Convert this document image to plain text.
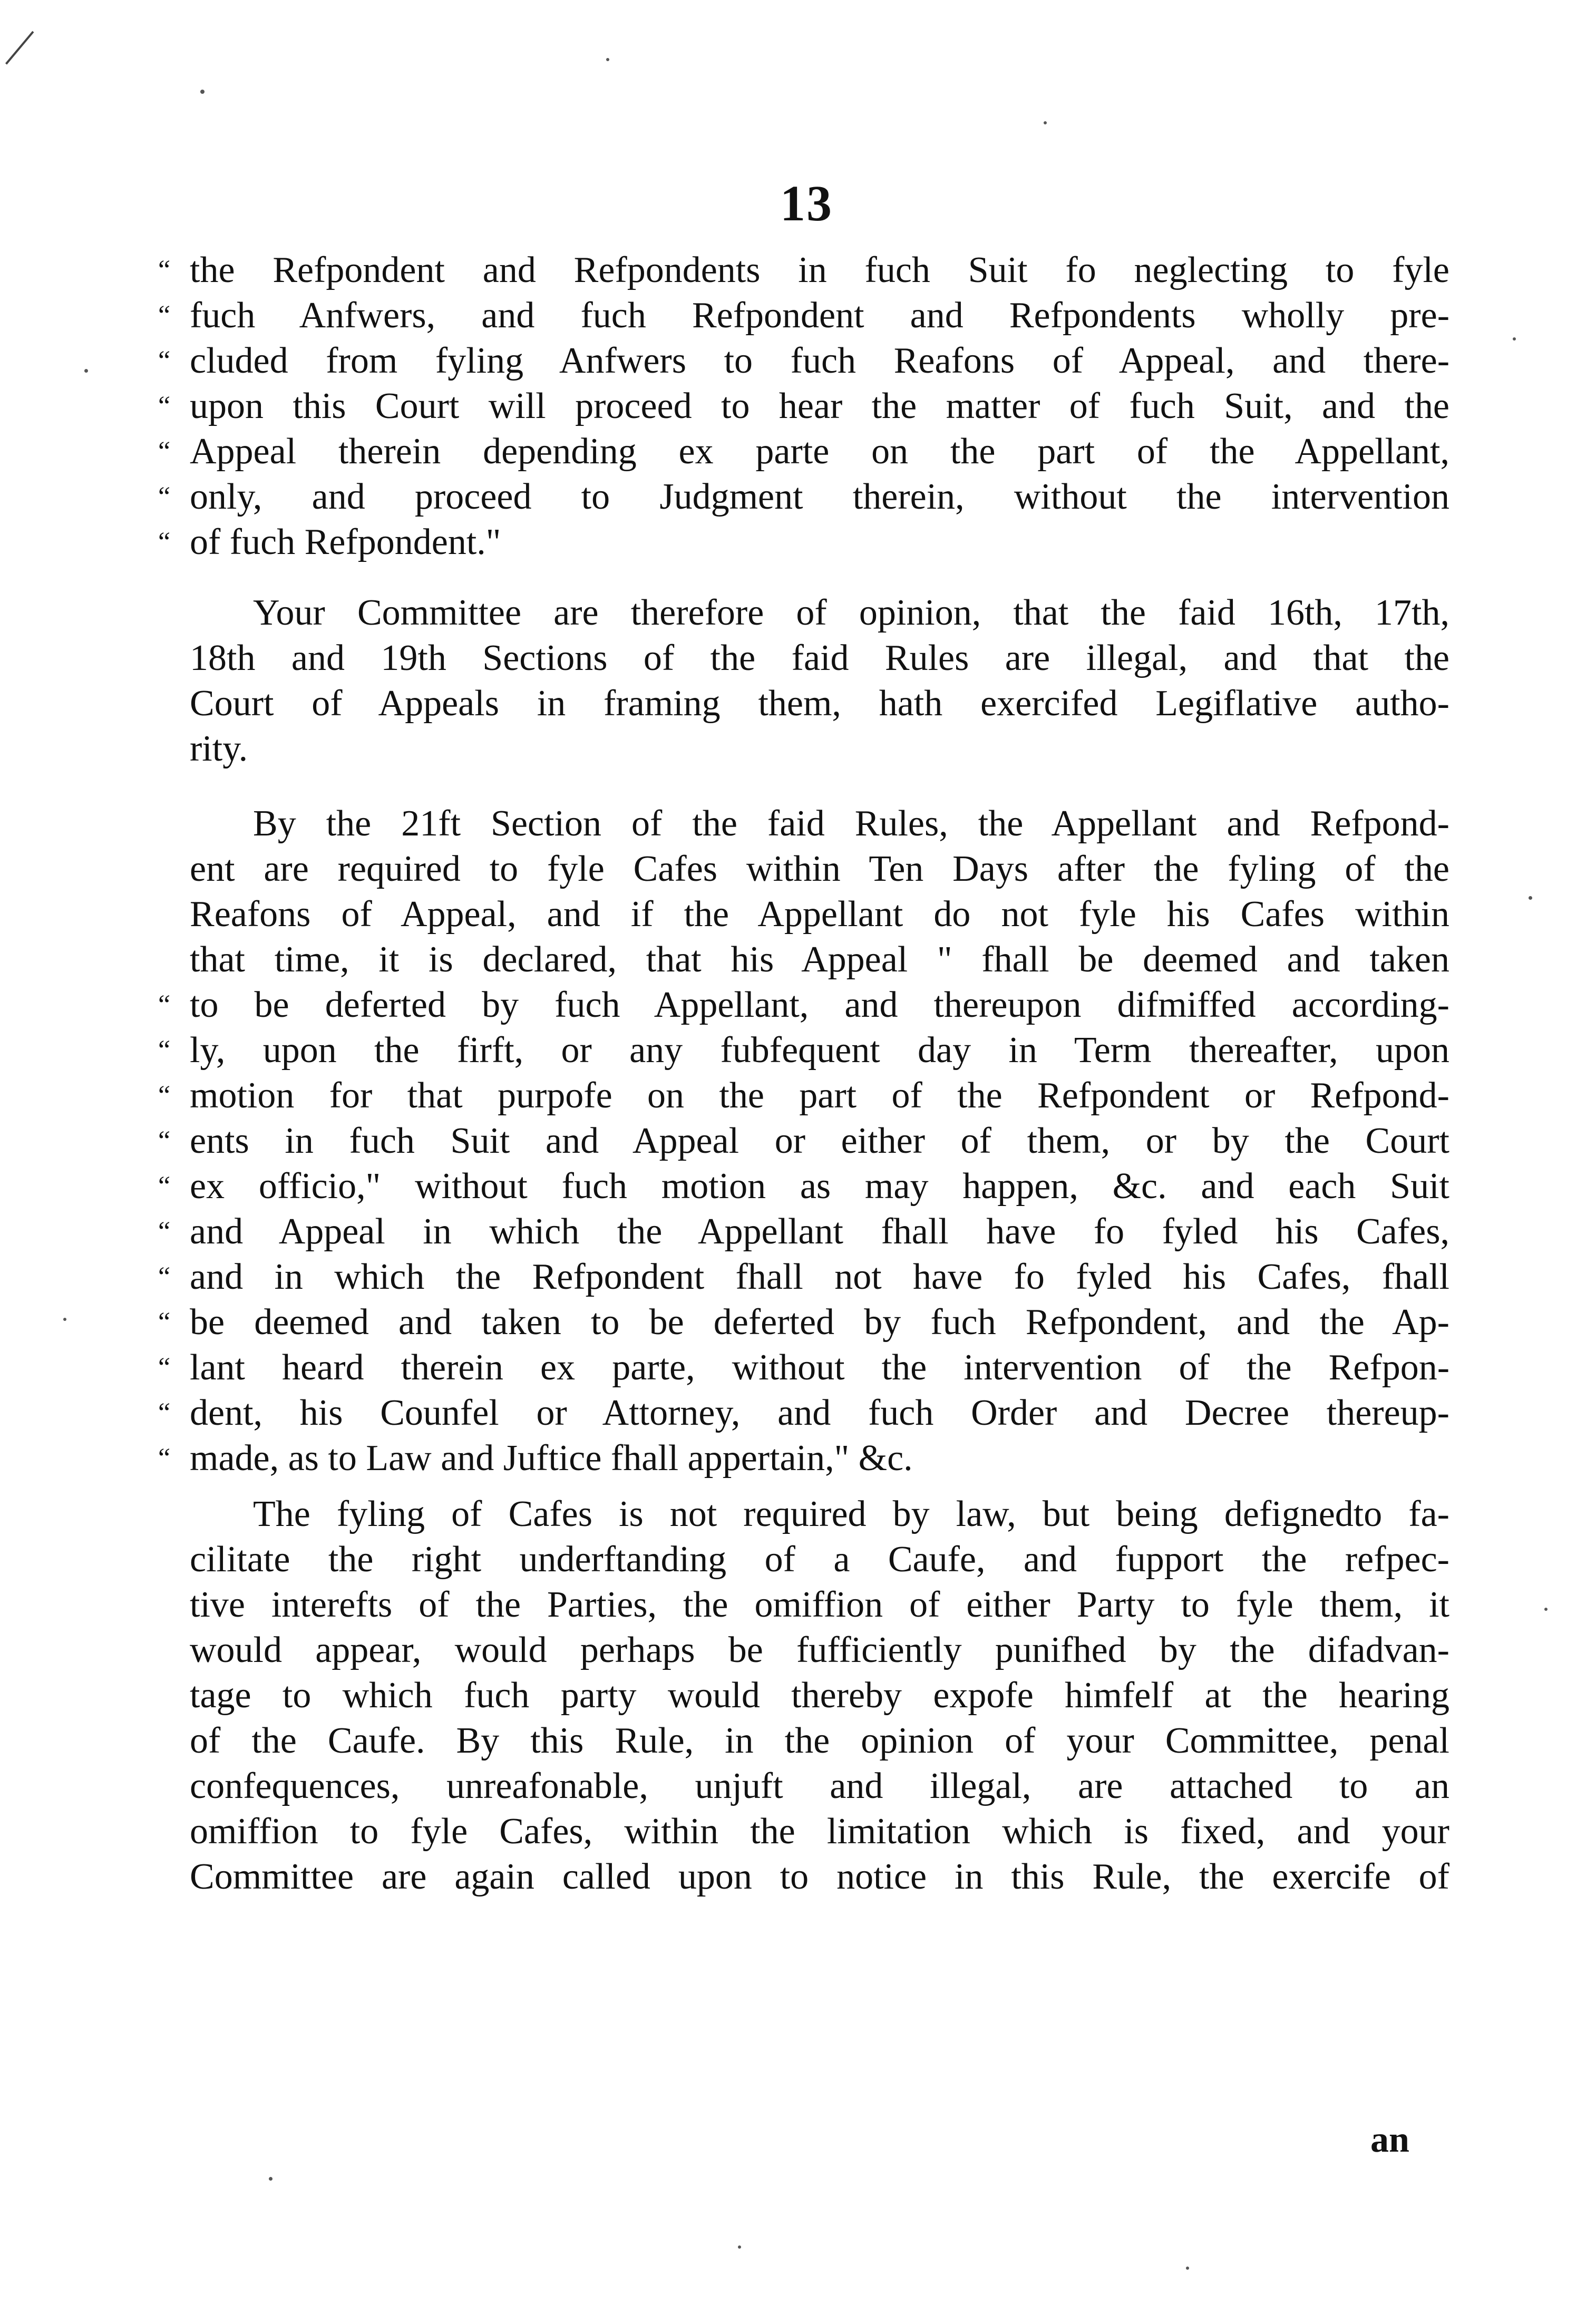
13
“ the Refpondent and Refpondents in fuch Suit fo neglecting to fyle
“ fuch Anfwers, and fuch Refpondent and Refpondents wholly pre-
“ cluded from fyling Anfwers to fuch Reafons of Appeal, and there-
“ upon this Court will proceed to hear the matter of fuch Suit, and the
“ Appeal therein depending ex parte on the part of the Appellant,
“ only, and proceed to Judgment therein, without the intervention
“ of fuch Refpondent."
Your Committee are therefore of opinion, that the faid 16th, 17th,
18th and 19th Sections of the faid Rules are illegal, and that the
Court of Appeals in framing them, hath exercifed Legiflative autho-
rity.
By the 21ft Section of the faid Rules, the Appellant and Refpond-
ent are required to fyle Cafes within Ten Days after the fyling of the
Reafons of Appeal, and if the Appellant do not fyle his Cafes within
that time, it is declared, that his Appeal " fhall be deemed and taken
“ to be deferted by fuch Appellant, and thereupon difmiffed according-
“ ly, upon the firft, or any fubfequent day in Term thereafter, upon
“ motion for that purpofe on the part of the Refpondent or Refpond-
“ ents in fuch Suit and Appeal or either of them, or by the Court
“ ex officio," without fuch motion as may happen, &c. and each Suit
“ and Appeal in which the Appellant fhall have fo fyled his Cafes,
“ and in which the Refpondent fhall not have fo fyled his Cafes, fhall
“ be deemed and taken to be deferted by fuch Refpondent, and the Ap-
“ lant heard therein ex parte, without the intervention of the Refpon-
“ dent, his Counfel or Attorney, and fuch Order and Decree thereup-
“ made, as to Law and Juftice fhall appertain," &c.
The fyling of Cafes is not required by law, but being defignedto fa-
cilitate the right underftanding of a Caufe, and fupport the refpec-
tive interefts of the Parties, the omiffion of either Party to fyle them, it
would appear, would perhaps be fufficiently punifhed by the difadvan-
tage to which fuch party would thereby expofe himfelf at the hearing
of the Caufe. By this Rule, in the opinion of your Committee, penal
confequences, unreafonable, unjuft and illegal, are attached to an
omiffion to fyle Cafes, within the limitation which is fixed, and your
Committee are again called upon to notice in this Rule, the exercife of
an
